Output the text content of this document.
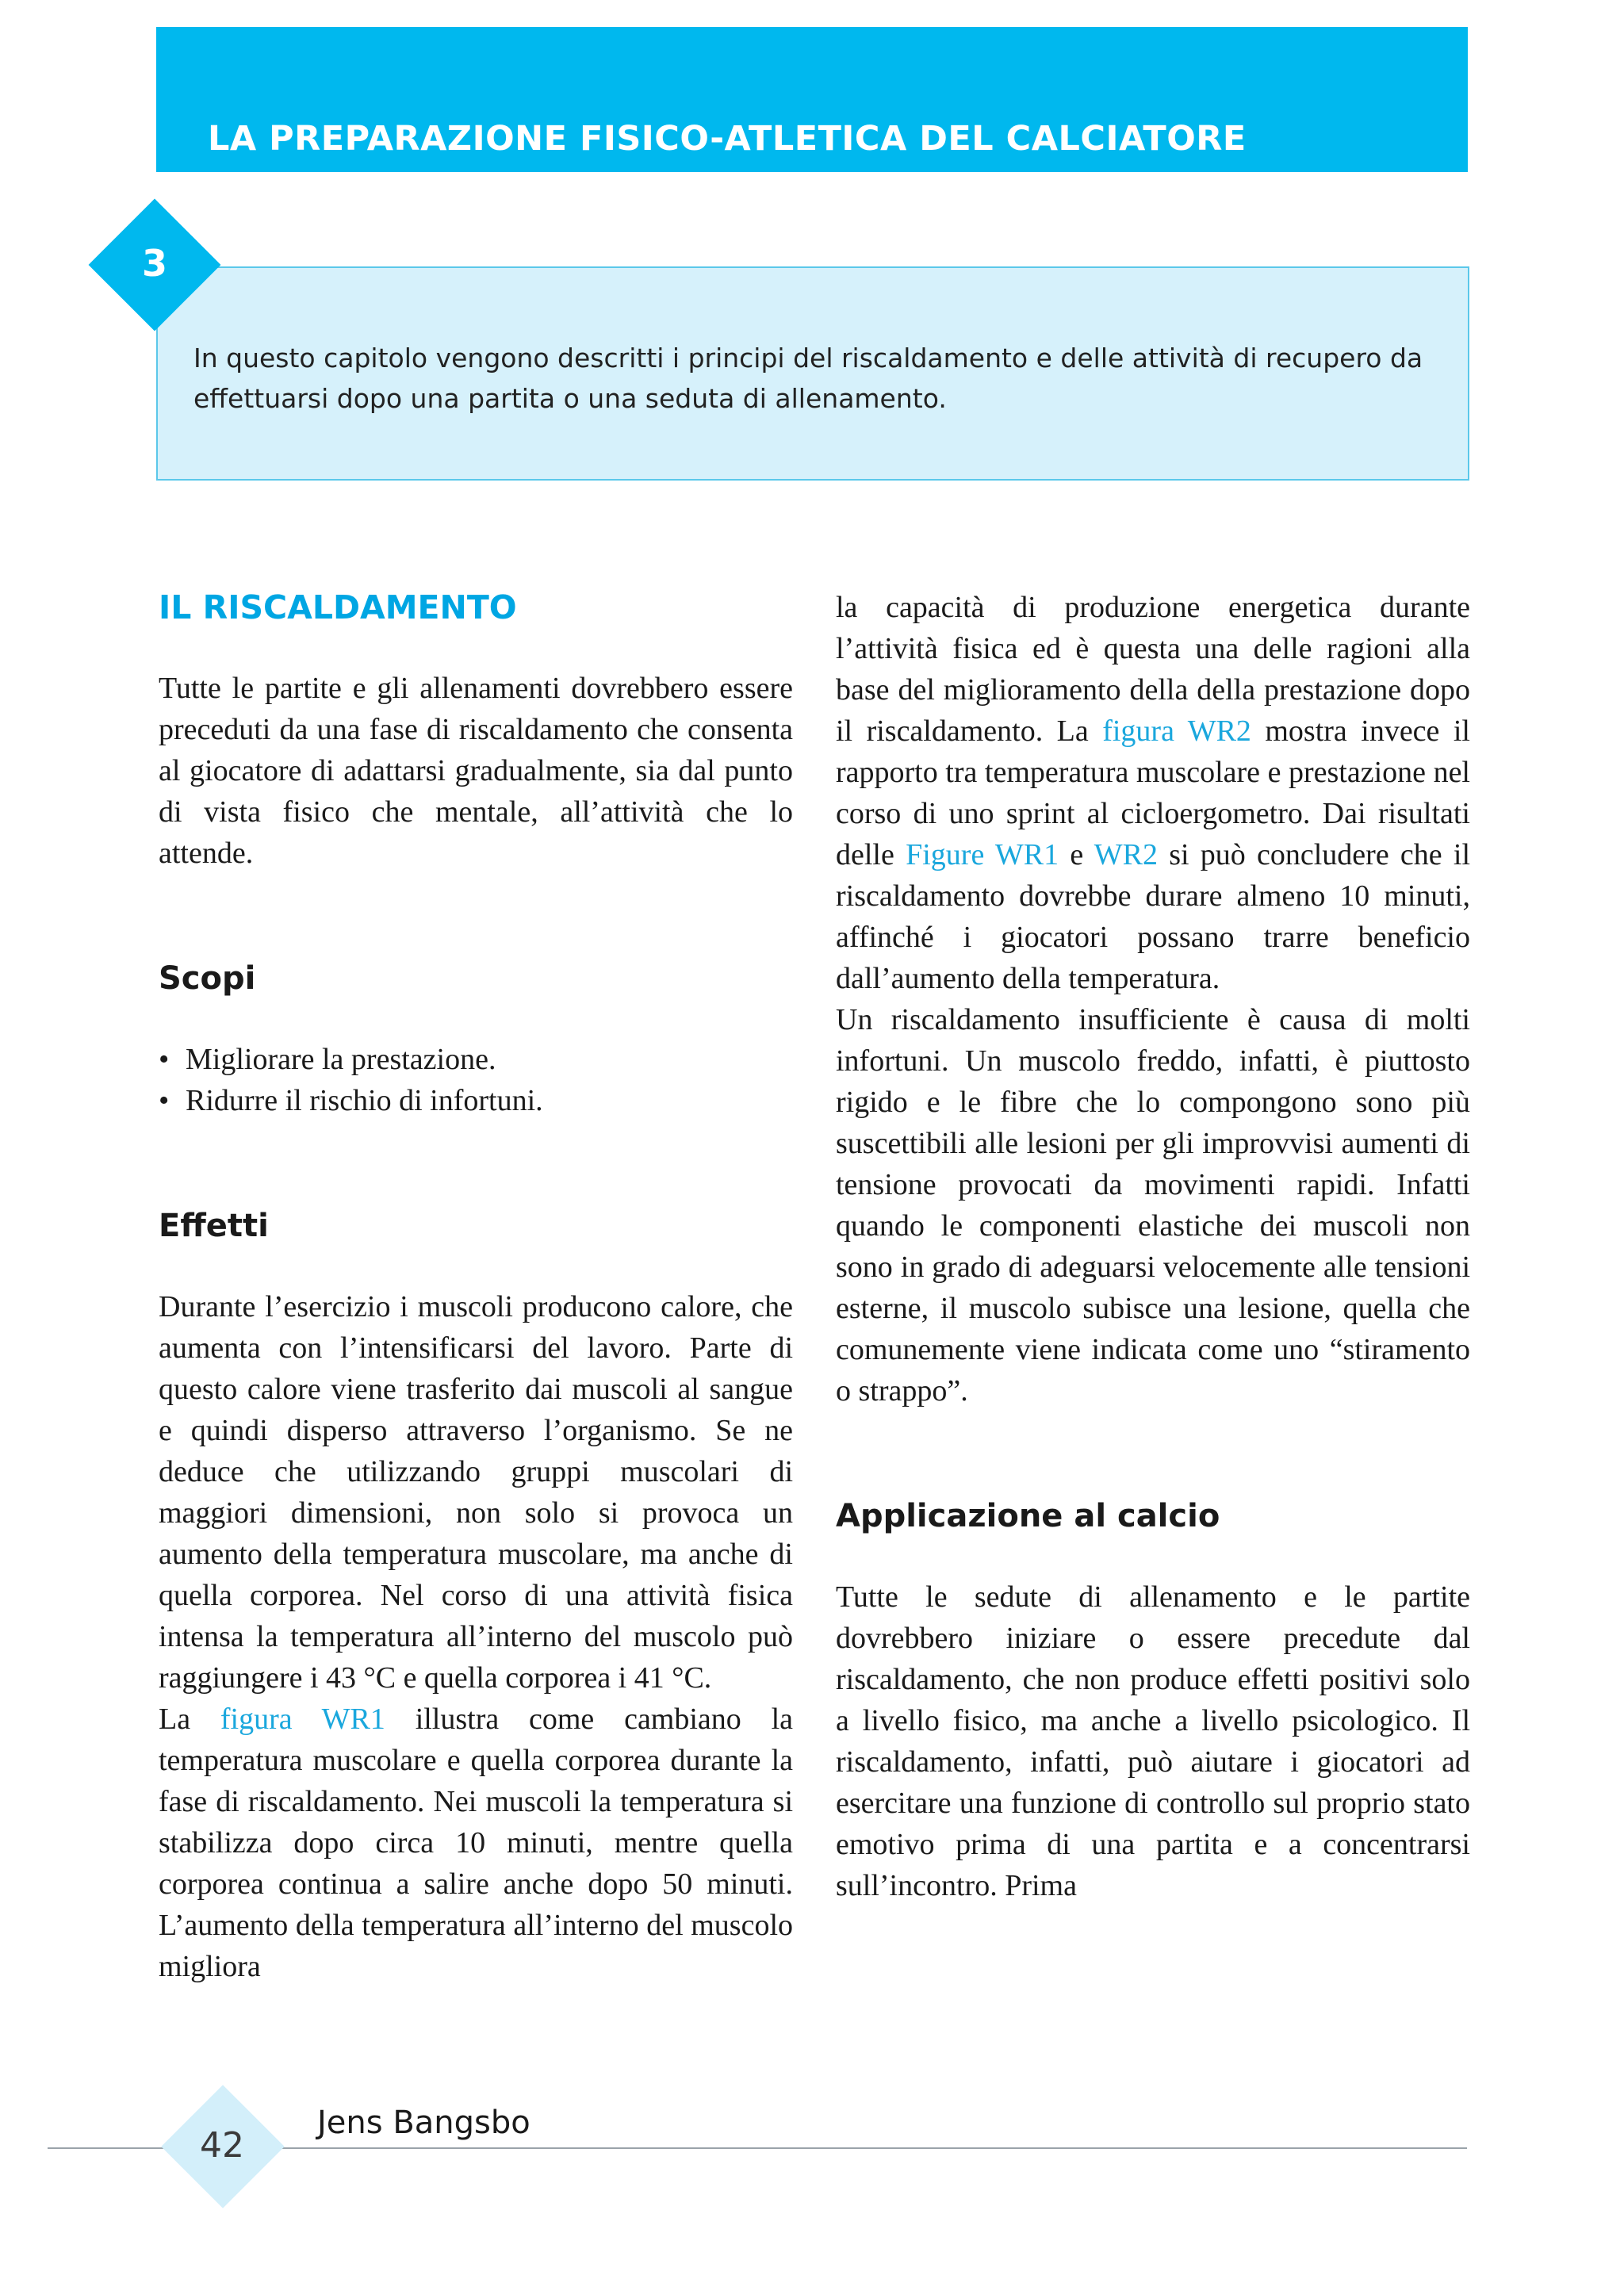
LA PREPARAZIONE FISICO-ATLETICA DEL CALCIATORE
In questo capitolo vengono descritti i principi del riscaldamento e delle attività di recupero da effettuarsi dopo una partita o una seduta di allenamento.
3
IL RISCALDAMENTO

Tutte le partite e gli allenamenti dovrebbero essere preceduti da una fase di riscaldamento che consenta al giocatore di adattarsi gradualmente, sia dal punto di vista fisico che mentale, all’attività che lo attende.

Scopi
• Migliorare la prestazione.
• Ridurre il rischio di infortuni.
Effetti

Durante l’esercizio i muscoli producono calore, che aumenta con l’intensificarsi del lavoro. Parte di questo calore viene trasferito dai muscoli al sangue e quindi disperso attraverso l’organismo. Se ne deduce che utilizzando gruppi muscolari di maggiori dimensioni, non solo si provoca un aumento della temperatura muscolare, ma anche di quella corporea. Nel corso di una attività fisica intensa la temperatura all’interno del muscolo può raggiungere i 43 °C e quella corporea i 41 °C.

La figura WR1 illustra come cambiano la temperatura muscolare e quella corporea durante la fase di riscaldamento. Nei muscoli la temperatura si stabilizza dopo circa 10 minuti, mentre quella corporea continua a salire anche dopo 50 minuti. L’aumento della temperatura all’interno del muscolo migliora

la capacità di produzione energetica durante l’attività fisica ed è questa una delle ragioni alla base del miglioramento della della prestazione dopo il riscaldamento. La figura WR2 mostra invece il rapporto tra temperatura muscolare e prestazione nel corso di uno sprint al cicloergometro. Dai risultati delle Figure WR1 e WR2 si può concludere che il riscaldamento dovrebbe durare almeno 10 minuti, affinché i giocatori possano trarre beneficio dall’aumento della temperatura.

Un riscaldamento insufficiente è causa di molti infortuni. Un muscolo freddo, infatti, è piuttosto rigido e le fibre che lo compongono sono più suscettibili alle lesioni per gli improvvisi aumenti di tensione provocati da movimenti rapidi. Infatti quando le componenti elastiche dei muscoli non sono in grado di adeguarsi velocemente alle tensioni esterne, il muscolo subisce una lesione, quella che comunemente viene indicata come uno “stiramento o strappo”.

Applicazione al calcio

Tutte le sedute di allenamento e le partite dovrebbero iniziare o essere precedute dal riscaldamento, che non produce effetti positivi solo a livello fisico, ma anche a livello psicologico. Il riscaldamento, infatti, può aiutare i giocatori ad esercitare una funzione di controllo sul proprio stato emotivo prima di una partita e a concentrarsi sull’incontro. Prima

42
Jens Bangsbo
